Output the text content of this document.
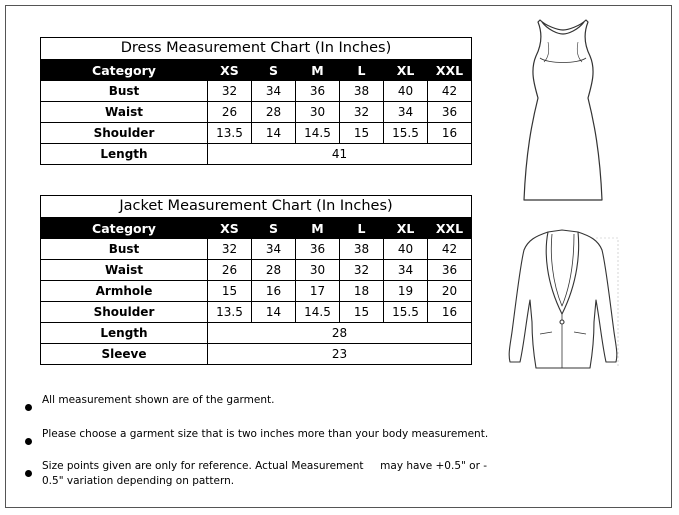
Dress Measurement Chart (In Inches)
Category	XS	S	M	L	XL	XXL
Bust	32	34	36	38	40	42
Waist	26	28	30	32	34	36
Shoulder	13.5	14	14.5	15	15.5	16
Length	41					
Jacket Measurement Chart (In Inches)
Category	XS	S	M	L	XL	XXL
Bust	32	34	36	38	40	42
Waist	26	28	30	32	34	36
Armhole	15	16	17	18	19	20
Shoulder	13.5	14	14.5	15	15.5	16
Length	28					
Sleeve	23					
All measurement shown are of the garment.
Please choose a garment size that is two inches more than your body measurement.
Size points given are only for reference. Actual Measurement     may have +0.5" or - 0.5" variation depending on pattern.
